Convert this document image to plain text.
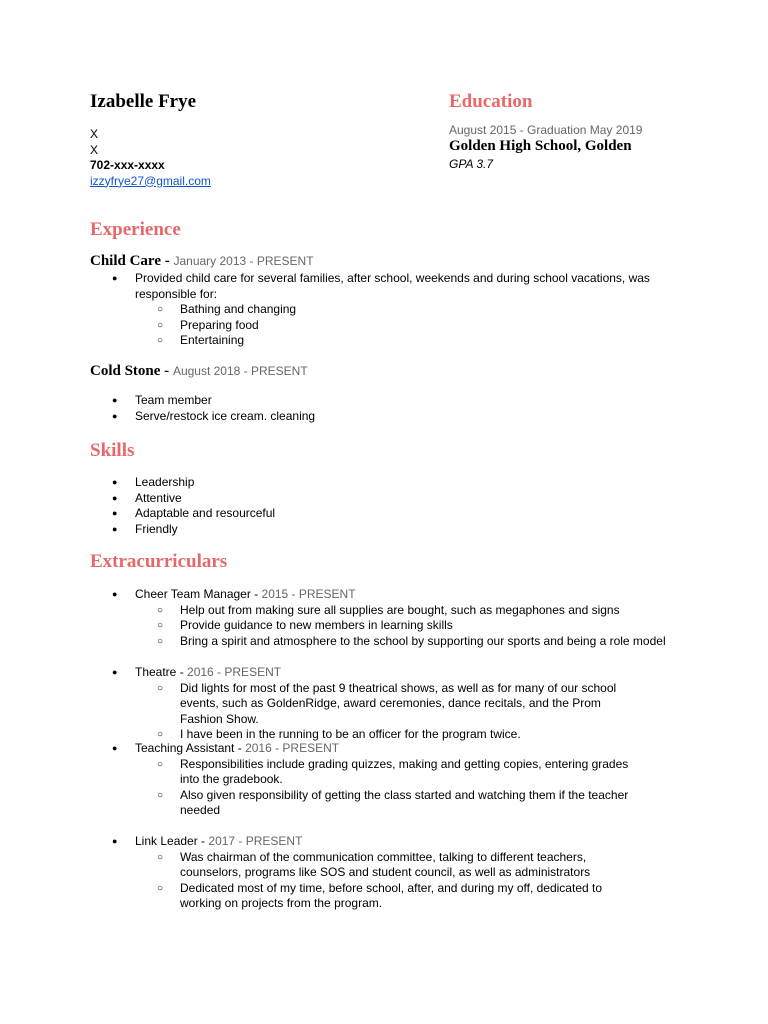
Izabelle Frye
X
X
702-xxx-xxxx
izzyfrye27@gmail.com
Education
August 2015 - Graduation May 2019
Golden High School, Golden
GPA 3.7
Experience
Child Care - January 2013 - PRESENT
● Provided child care for several families, after school, weekends and during school vacations, was responsible for:
○ Bathing and changing
○ Preparing food
○ Entertaining
Cold Stone - August 2018 - PRESENT
● Team member
● Serve/restock ice cream. cleaning
Skills
● Leadership
● Attentive
● Adaptable and resourceful
● Friendly
Extracurriculars
● Cheer Team Manager - 2015 - PRESENT
○ Help out from making sure all supplies are bought, such as megaphones and signs
○ Provide guidance to new members in learning skills
○ Bring a spirit and atmosphere to the school by supporting our sports and being a role model
● Theatre - 2016 - PRESENT
○ Did lights for most of the past 9 theatrical shows, as well as for many of our school events, such as GoldenRidge, award ceremonies, dance recitals, and the Prom Fashion Show.
○ I have been in the running to be an officer for the program twice.
● Teaching Assistant - 2016 - PRESENT
○ Responsibilities include grading quizzes, making and getting copies, entering grades into the gradebook.
○ Also given responsibility of getting the class started and watching them if the teacher needed
● Link Leader - 2017 - PRESENT
○ Was chairman of the communication committee, talking to different teachers, counselors, programs like SOS and student council, as well as administrators
○ Dedicated most of my time, before school, after, and during my off, dedicated to working on projects from the program.
